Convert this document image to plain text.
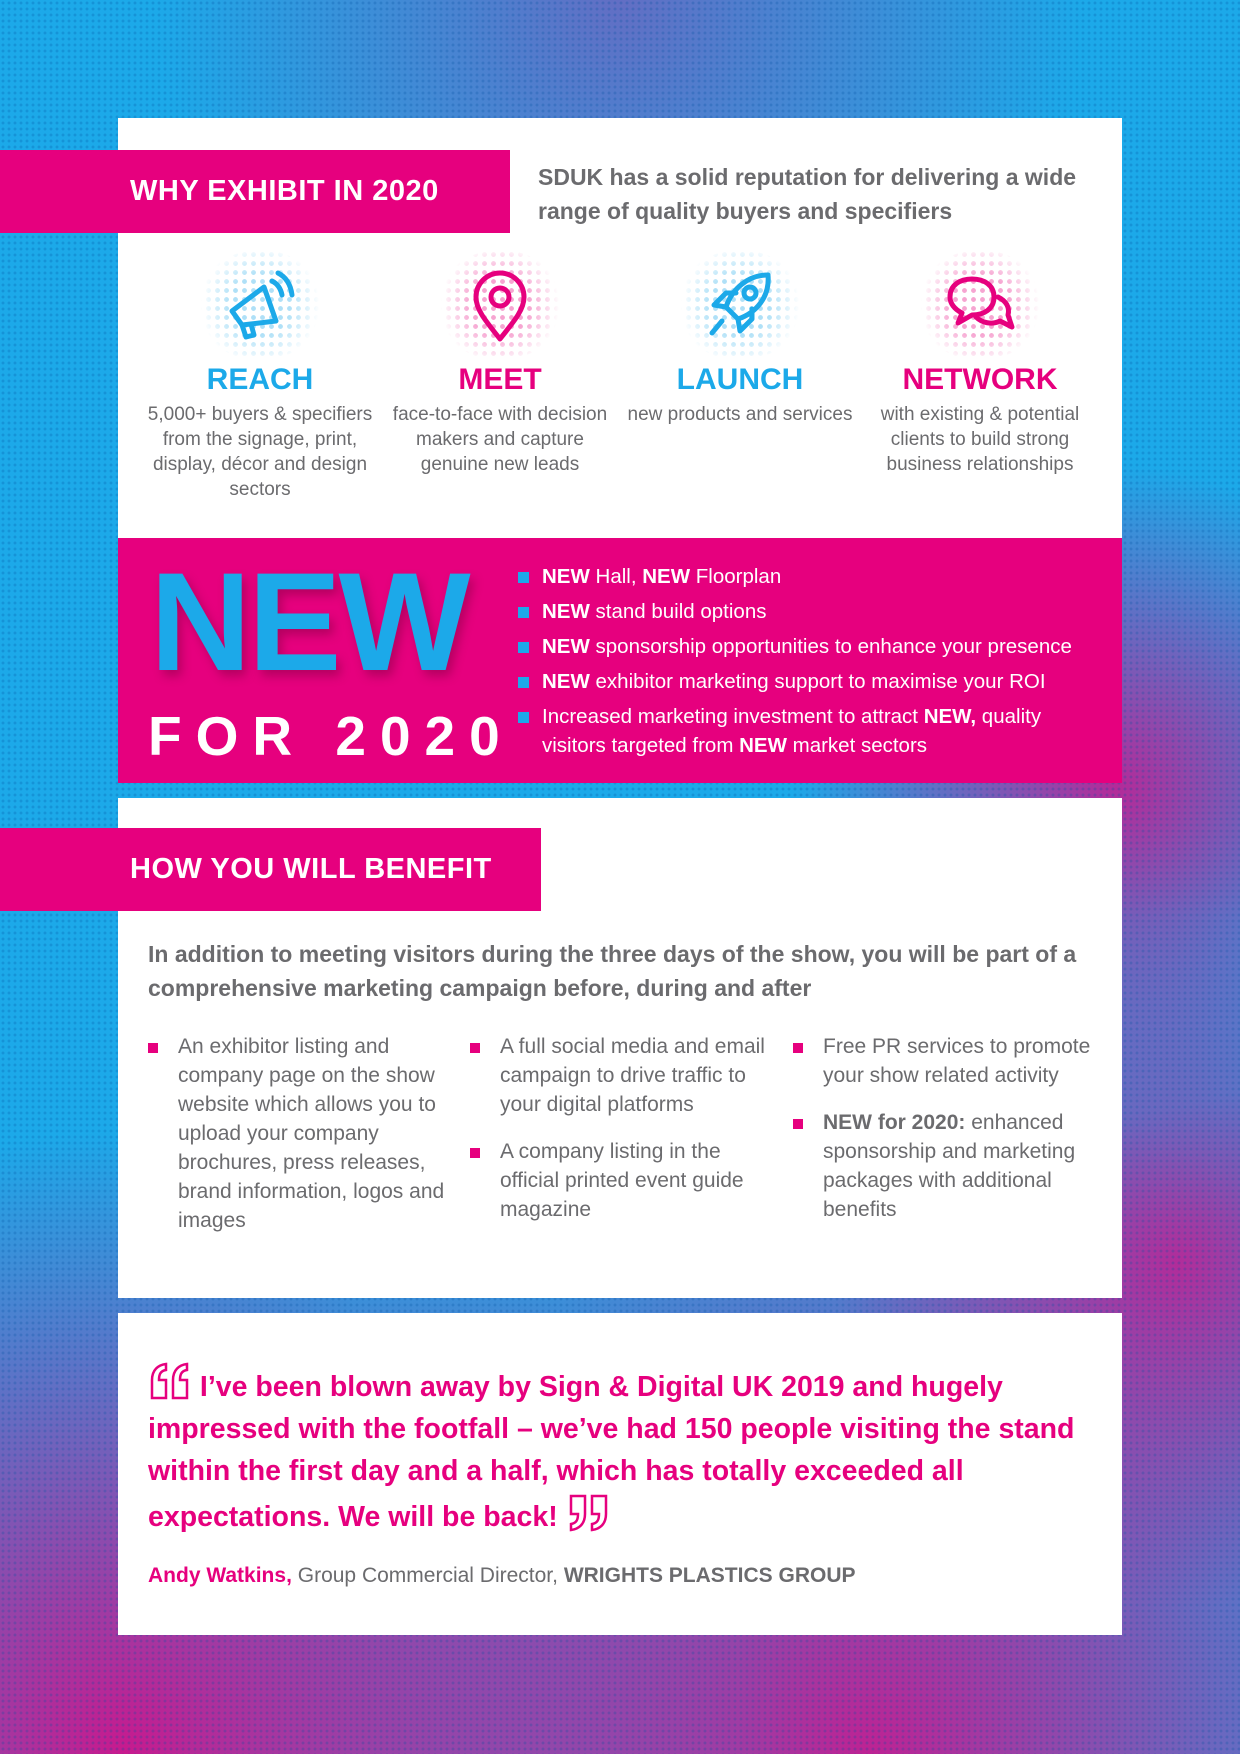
WHY EXHIBIT IN 2020	SDUK has a solid reputation for delivering a wide range of quality buyers and specifiers
REACH

5,000+ buyers & specifiers from the signage, print, display, décor and design sectors

MEET

face-to-face with decision makers and capture genuine new leads

LAUNCH

new products and services

NETWORK

with existing & potential clients to build strong business relationships

NEW
FOR 2020
NEW Hall, NEW Floorplan
NEW stand build options
NEW sponsorship opportunities to enhance your presence
NEW exhibitor marketing support to maximise your ROI
Increased marketing investment to attract NEW, quality visitors targeted from NEW market sectors
HOW YOU WILL BENEFIT
In addition to meeting visitors during the three days of the show, you will be part of a comprehensive marketing campaign before, during and after
An exhibitor listing and company page on the show website which allows you to upload your company brochures, press releases, brand information, logos and images
A full social media and email campaign to drive traffic to your digital platforms
A company listing in the official printed event guide magazine
Free PR services to promote your show related activity
NEW for 2020: enhanced sponsorship and marketing packages with additional benefits
I’ve been blown away by Sign & Digital UK 2019 and hugely impressed with the footfall – we’ve had 150 people visiting the stand within the first day and a half, which has totally exceeded all expectations. We will be back!
Andy Watkins, Group Commercial Director, WRIGHTS PLASTICS GROUP
